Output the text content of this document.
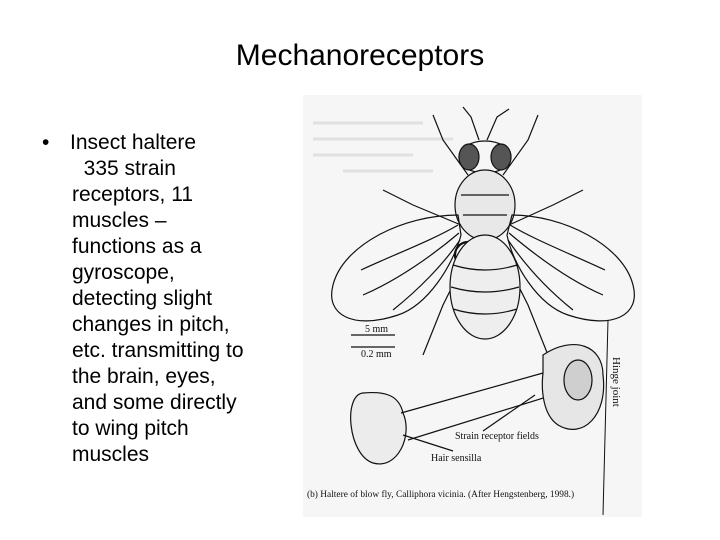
Mechanoreceptors
• Insect haltere
335 strain
receptors, 11
muscles –
functions as a
gyroscope,
detecting slight
changes in pitch,
etc. transmitting to
the brain, eyes,
and some directly
to wing pitch
muscles
5 mm
0.2 mm
Hinge joint
Strain receptor fields
Hair sensilla
(b) Haltere of blow fly, Calliphora vicinia. (After Hengstenberg, 1998.)
